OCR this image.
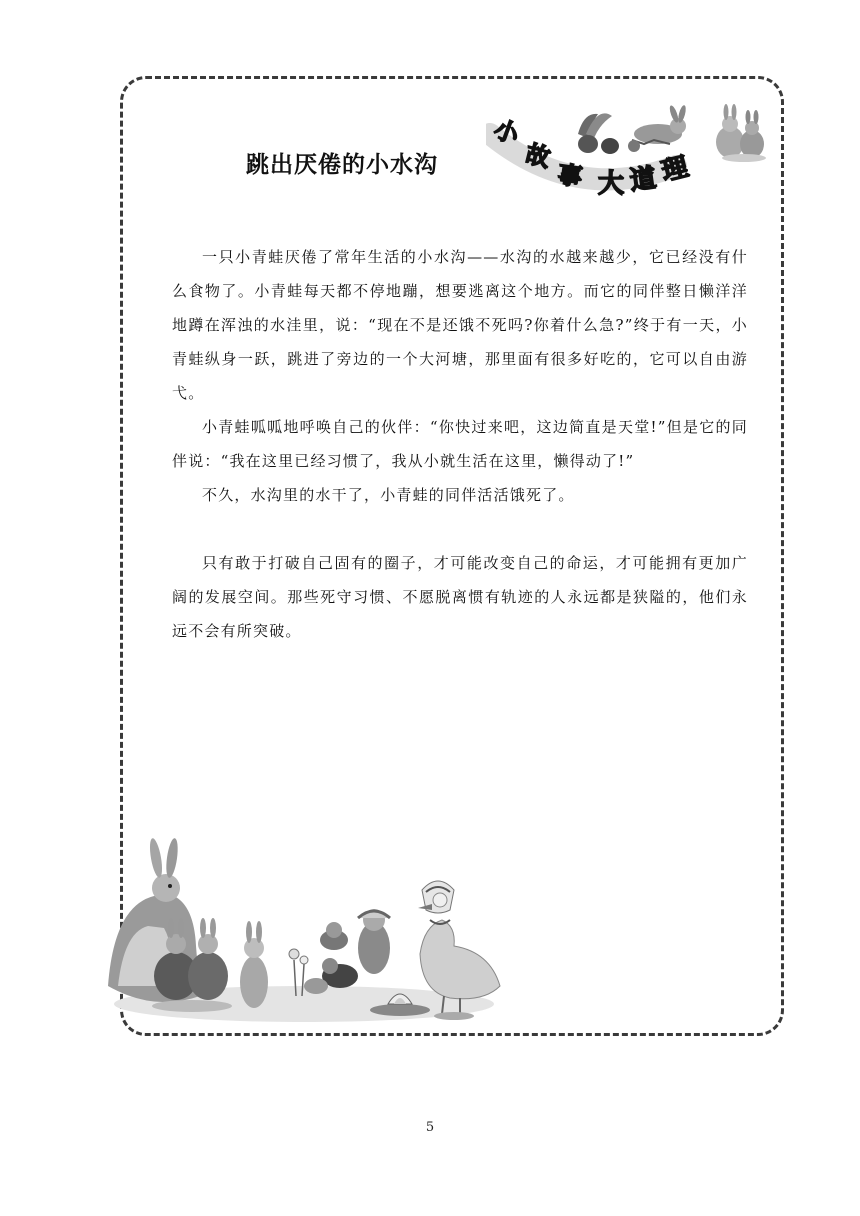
跳出厌倦的小水沟
小
故
事 大 道 理

一只小青蛙厌倦了常年生活的小水沟——水沟的水越来越少，它已经没有什么食物了。小青蛙每天都不停地蹦，想要逃离这个地方。而它的同伴整日懒洋洋地蹲在浑浊的水洼里，说：“现在不是还饿不死吗?你着什么急?”终于有一天，小青蛙纵身一跃，跳进了旁边的一个大河塘，那里面有很多好吃的，它可以自由游弋。

小青蛙呱呱地呼唤自己的伙伴：“你快过来吧，这边简直是天堂!”但是它的同伴说：“我在这里已经习惯了，我从小就生活在这里，懒得动了!”

不久，水沟里的水干了，小青蛙的同伴活活饿死了。

只有敢于打破自己固有的圈子，才可能改变自己的命运，才可能拥有更加广阔的发展空间。那些死守习惯、不愿脱离惯有轨迹的人永远都是狭隘的，他们永远不会有所突破。

5
